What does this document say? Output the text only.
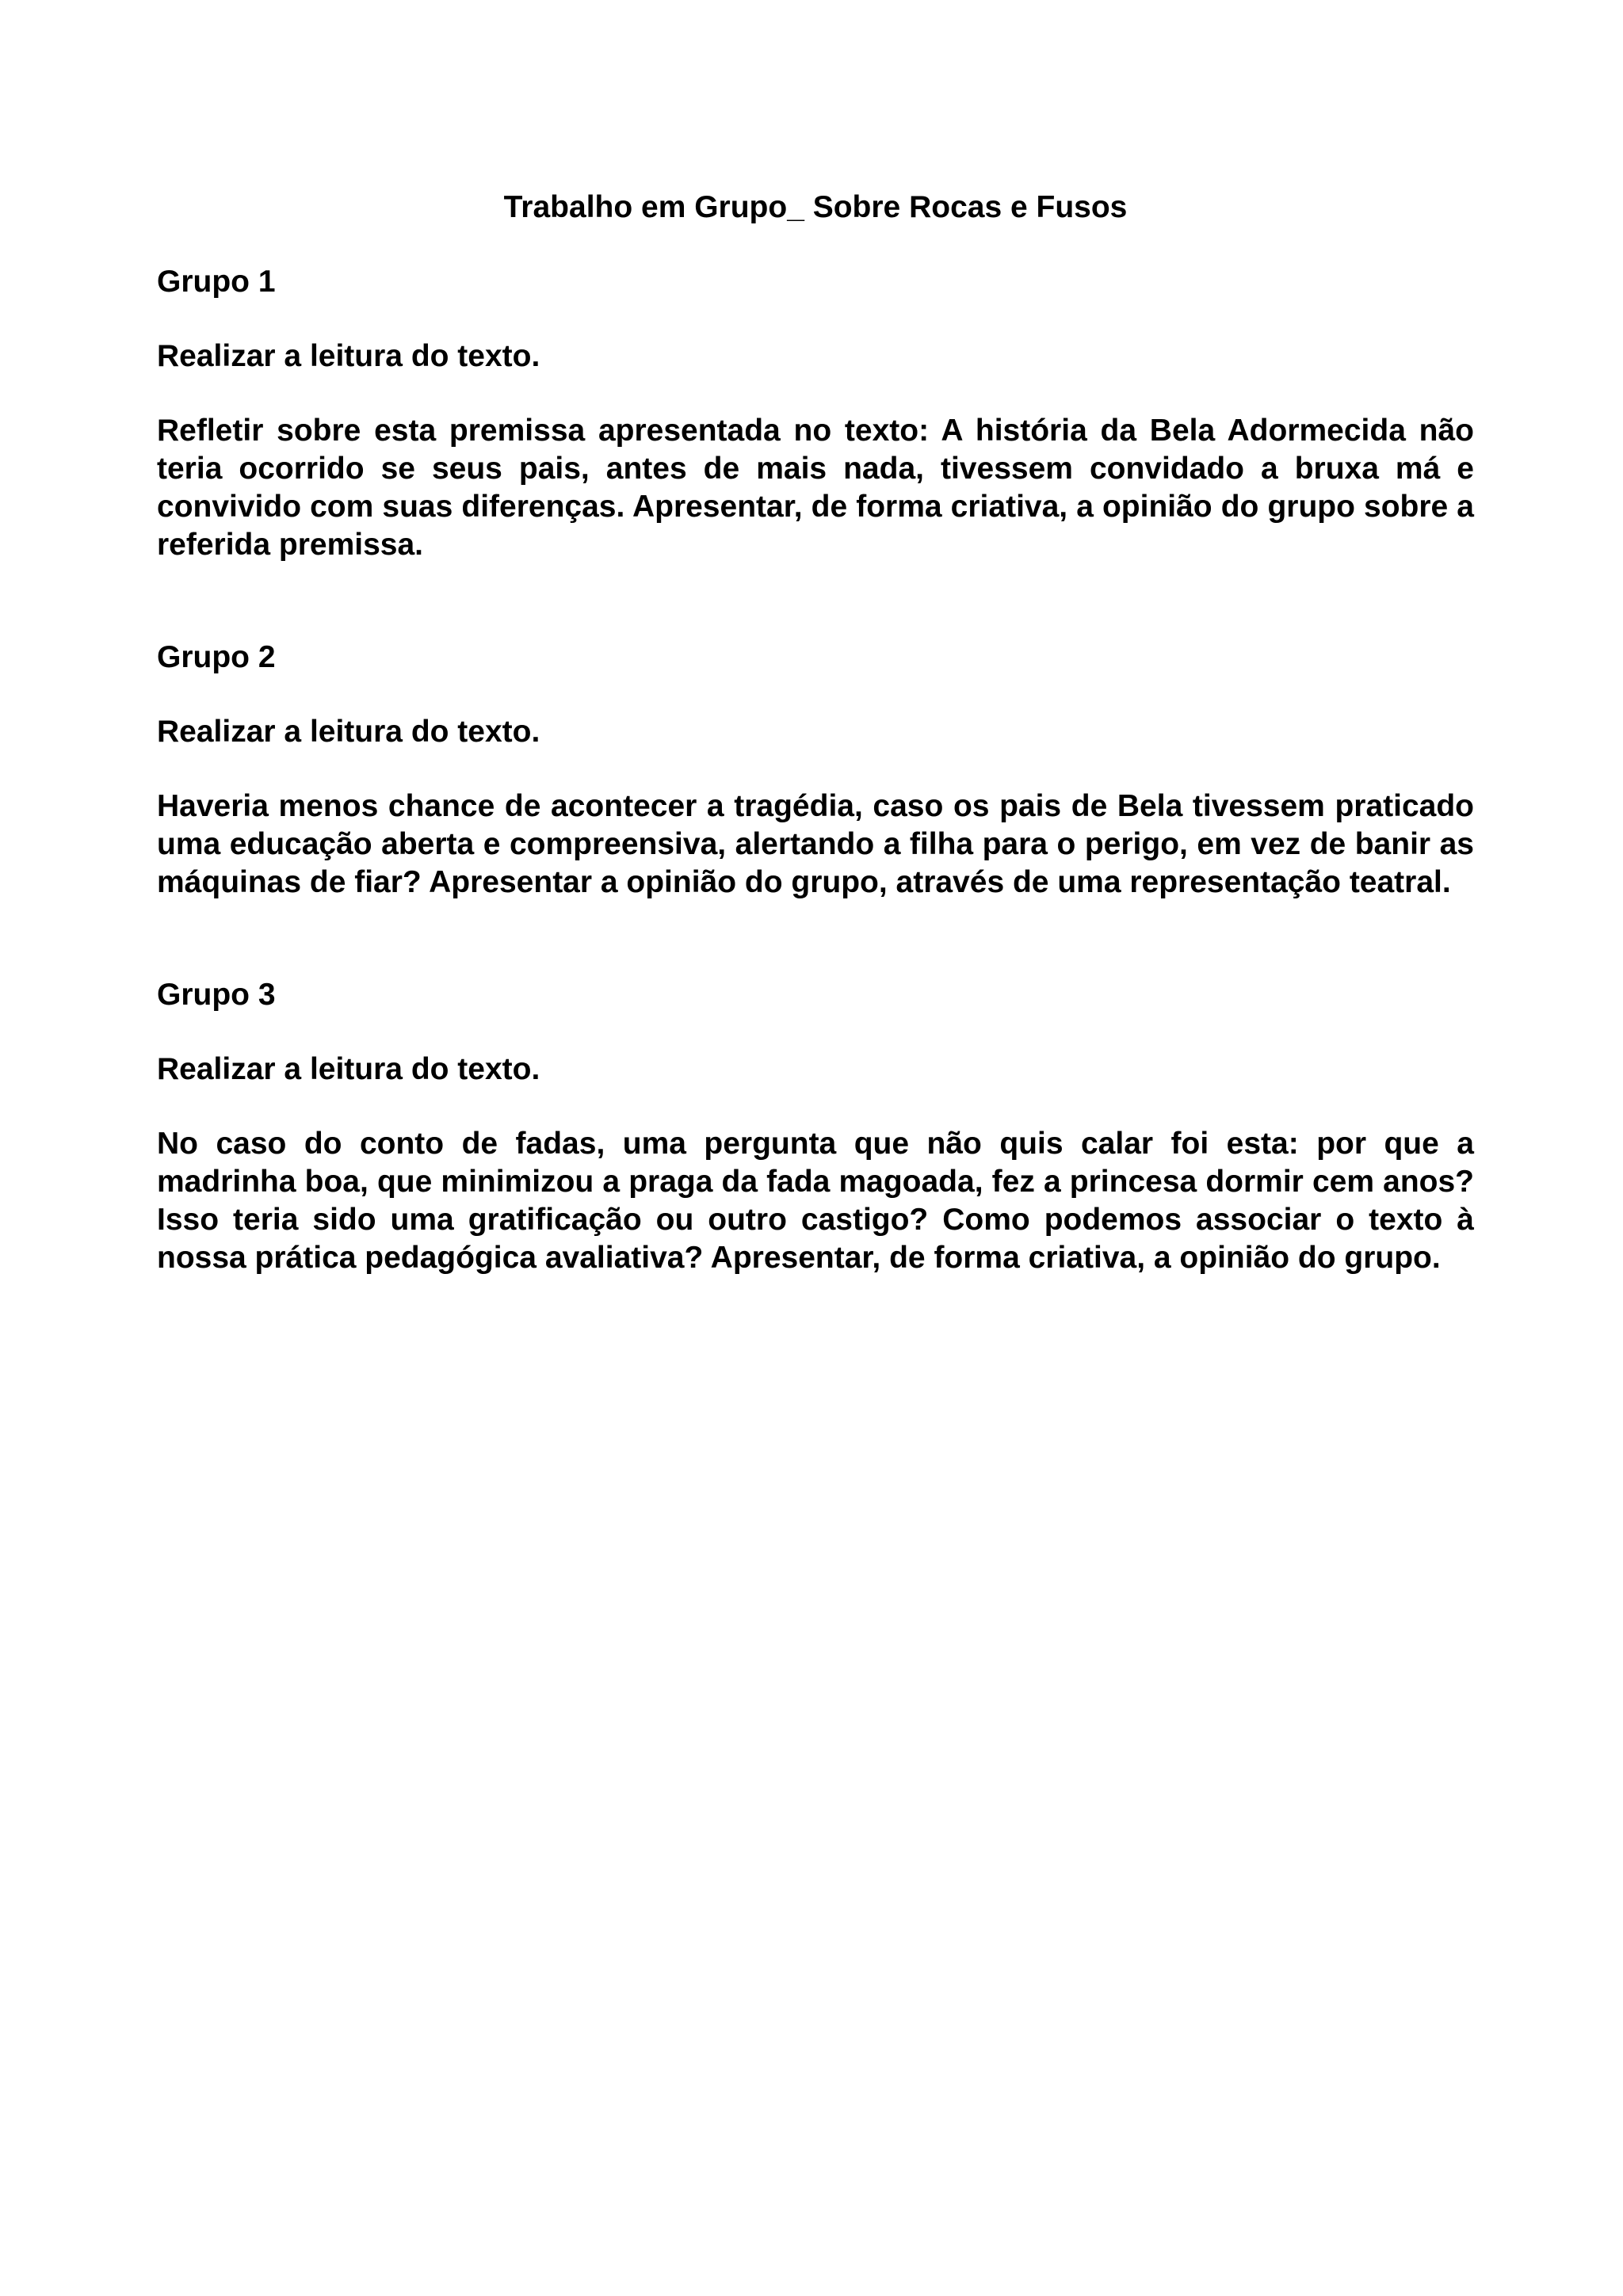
Trabalho em Grupo_ Sobre Rocas e Fusos

Grupo 1

Realizar a leitura do texto.

Refletir sobre esta premissa apresentada no texto: A história da Bela Adormecida não teria ocorrido se seus pais, antes de mais nada, tivessem convidado a bruxa má e convivido com suas diferenças. Apresentar, de forma criativa, a opinião do grupo sobre a referida premissa.

Grupo 2

Realizar a leitura do texto.

Haveria menos chance de acontecer a tragédia, caso os pais de Bela tivessem praticado uma educação aberta e compreensiva, alertando a filha para o perigo, em vez de banir as máquinas de fiar? Apresentar a opinião do grupo, através de uma representação teatral.

Grupo 3

Realizar a leitura do texto.

No caso do conto de fadas, uma pergunta que não quis calar foi esta: por que a madrinha boa, que minimizou a praga da fada magoada, fez a princesa dormir cem anos? Isso teria sido uma gratificação ou outro castigo? Como podemos associar o texto à nossa prática pedagógica avaliativa? Apresentar, de forma criativa, a opinião do grupo.
